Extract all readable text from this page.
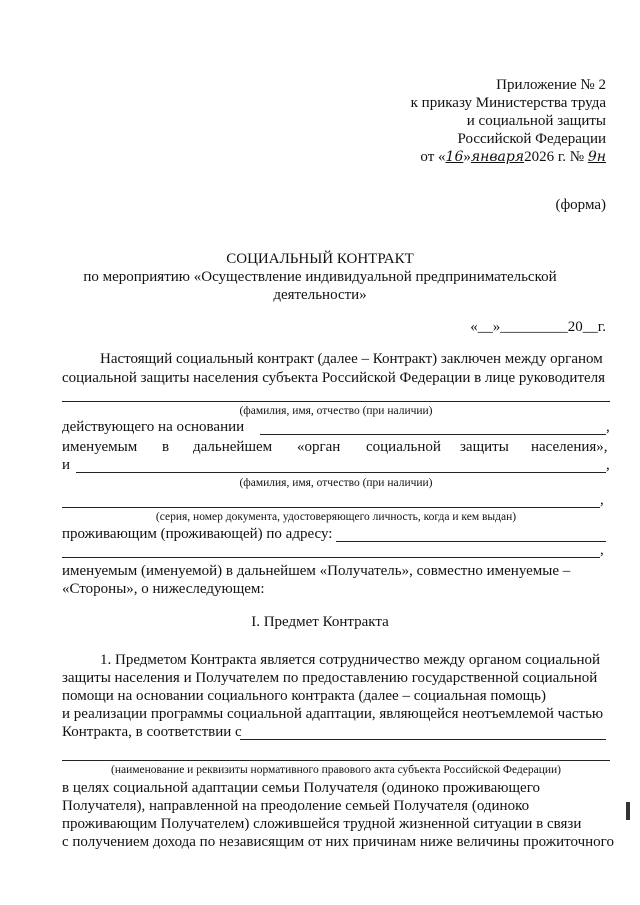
Приложение № 2
к приказу Министерства труда
и социальной защиты
Российской Федерации
от «16»января2026 г. № 9н
(форма)
СОЦИАЛЬНЫЙ КОНТРАКТ
по мероприятию «Осуществление индивидуальной предпринимательской
деятельности»
«__»_________20__г.
Настоящий социальный контракт (далее – Контракт) заключен между органом
социальной защиты населения субъекта Российской Федерации в лице руководителя
(фамилия, имя, отчество (при наличии)
действующего на основании	,
именуемым в дальнейшем «орган социальной защиты населения»,
и	,
(фамилия, имя, отчество (при наличии)
,
(серия, номер документа, удостоверяющего личность, когда и кем выдан)
проживающим (проживающей) по адресу:
,
именуемым (именуемой) в дальнейшем «Получатель», совместно именуемые –
«Стороны», о нижеследующем:
I. Предмет Контракта
1. Предметом Контракта является сотрудничество между органом социальной
защиты населения и Получателем по предоставлению государственной социальной
помощи на основании социального контракта (далее – социальная помощь)
и реализации программы социальной адаптации, являющейся неотъемлемой частью
Контракта, в соответствии с
(наименование и реквизиты нормативного правового акта субъекта Российской Федерации)
в целях социальной адаптации семьи Получателя (одиноко проживающего
Получателя), направленной на преодоление семьей Получателя (одиноко
проживающим Получателем) сложившейся трудной жизненной ситуации в связи
с получением дохода по независящим от них причинам ниже величины прожиточного
